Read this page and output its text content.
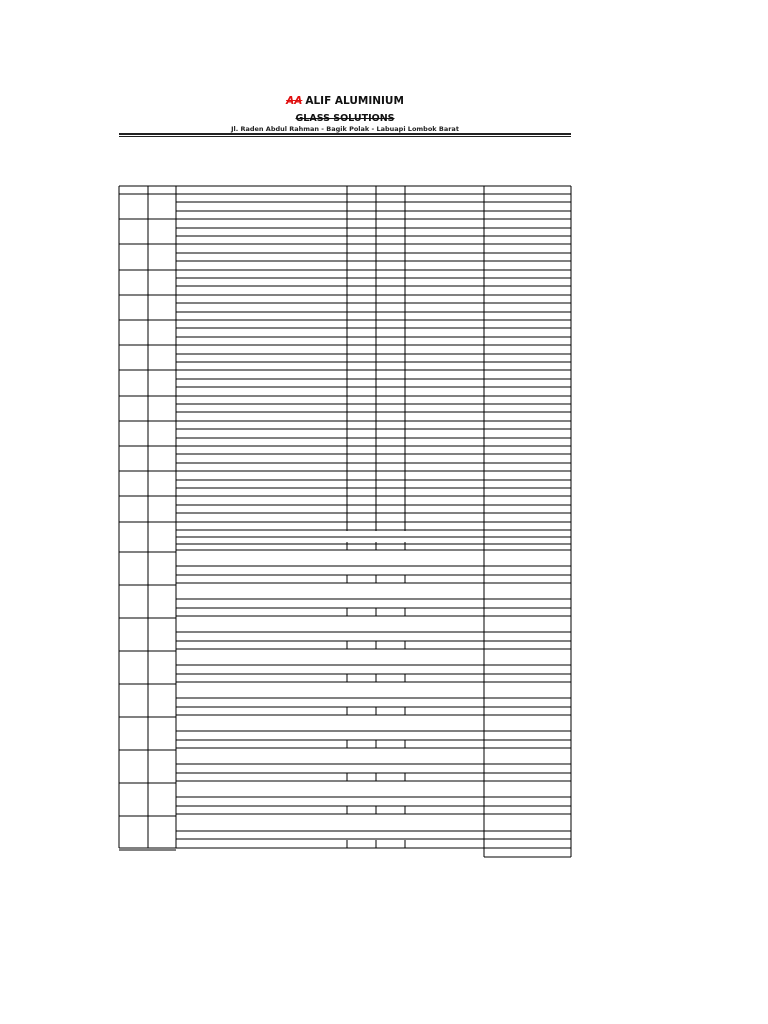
AA ALIF ALUMINIUM
GLASS SOLUTIONS
Jl. Raden Abdul Rahman - Bagik Polak - Labuapi Lombok Barat
